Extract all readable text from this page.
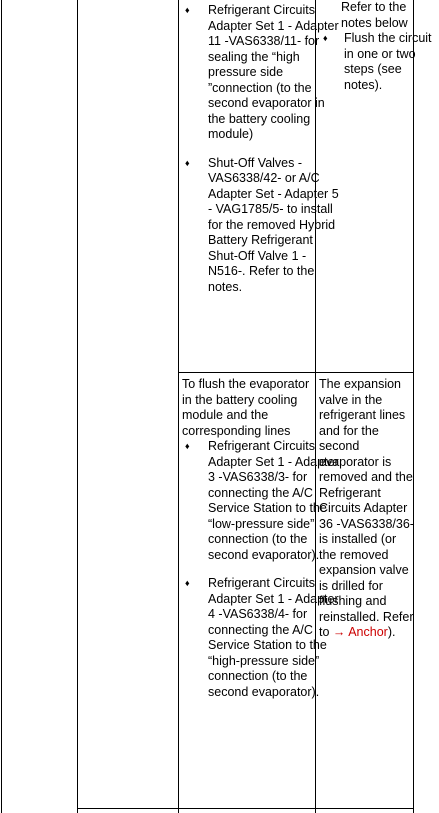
♦ Refrigerant Circuits Adapter Set 1 - Adapter 11 -VAS6338/11- for sealing the “high pressure side ”connection (to the second evaporator in the battery cooling module)
♦ Shut-Off Valves -VAS6338/42- or A/C Adapter Set - Adapter 5 - VAG1785/5- to install for the removed Hybrid Battery Refrigerant Shut-Off Valve 1 - N516-. Refer to the notes.

Refer to the notes below

♦ Flush the circuit in one or two steps (see notes).

To flush the evaporator in the battery cooling module and the corresponding lines

♦ Refrigerant Circuits Adapter Set 1 - Adapter 3 -VAS6338/3- for connecting the A/C Service Station to the “low-pressure side” connection (to the second evaporator).
♦ Refrigerant Circuits Adapter Set 1 - Adapter 4 -VAS6338/4- for connecting the A/C Service Station to the “high-pressure side” connection (to the second evaporator).

The expansion valve in the refrigerant lines and for the second evaporator is removed and the Refrigerant Circuits Adapter 36 -VAS6338/36- is installed (or the removed expansion valve is drilled for flushing and reinstalled. Refer to → Anchor).
